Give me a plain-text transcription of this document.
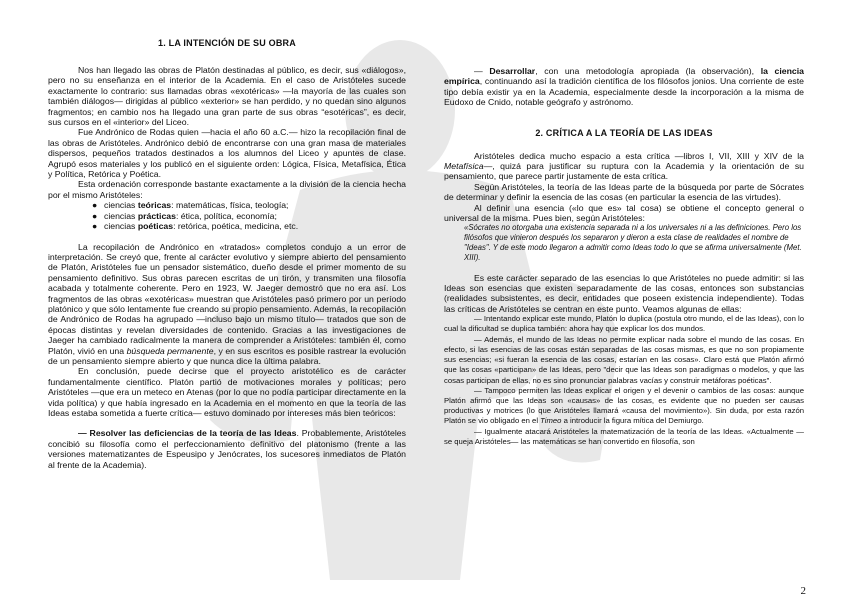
1. LA INTENCIÓN DE SU OBRA

Nos han llegado las obras de Platón destinadas al público, es decir, sus «diálogos», pero no su enseñanza en el interior de la Academia. En el caso de Aristóteles sucede exactamente lo contrario: sus llamadas obras «exotéricas» —la mayoría de las cuales son también diálogos— dirigidas al público «exterior» se han perdido, y no quedan sino algunos fragmentos; en cambio nos ha llegado una gran parte de sus obras “esotéricas”, es decir, sus cursos en el «interior» del Liceo.

Fue Andrónico de Rodas quien —hacia el año 60 a.C.— hizo la recopilación final de las obras de Aristóteles. Andrónico debió de encontrarse con una gran masa de materiales dispersos, pequeños tratados destinados a los alumnos del Liceo y apuntes de clase. Agrupó esos materiales y los publicó en el siguiente orden: Lógica, Física, Metafísica, Ética y Política, Retórica y Poética.

Esta ordenación corresponde bastante exactamente a la división de la ciencia hecha por el mismo Aristóteles:

● ciencias teóricas: matemáticas, física, teología;
● ciencias prácticas: ética, política, economía;
● ciencias poéticas: retórica, poética, medicina, etc.

La recopilación de Andrónico en «tratados» completos condujo a un error de interpretación. Se creyó que, frente al carácter evolutivo y siempre abierto del pensamiento de Platón, Aristóteles fue un pensador sistemático, dueño desde el primer momento de su pensamiento definitivo. Sus obras parecen escritas de un tirón, y transmiten una filosofía acabada y totalmente coherente. Pero en 1923, W. Jaeger demostró que no era así. Los fragmentos de las obras «exotéricas» muestran que Aristóteles pasó primero por un período platónico y que sólo lentamente fue creando su propio pensamiento. Además, la recopilación de Andrónico de Rodas ha agrupado —incluso bajo un mismo título— tratados que son de épocas distintas y revelan diversidades de contenido. Gracias a las investigaciones de Jaeger ha cambiado radicalmente la manera de comprender a Aristóteles: también él, como Platón, vivió en una búsqueda permanente, y en sus escritos es posible rastrear la evolución de un pensamiento siempre abierto y que nunca dice la última palabra.

En conclusión, puede decirse que el proyecto aristotélico es de carácter fundamentalmente científico. Platón partió de motivaciones morales y políticas; pero Aristóteles —que era un meteco en Atenas (por lo que no podía participar directamente en la vida política) y que había ingresado en la Academia en el momento en que la teoría de las Ideas estaba sometida a fuerte crítica— estuvo dominado por intereses más bien teóricos:

— Resolver las deficiencias de la teoría de las Ideas. Probablemente, Aristóteles concibió su filosofía como el perfeccionamiento definitivo del platonismo (frente a las versiones matematizantes de Espeusipo y Jenócrates, los sucesores inmediatos de Platón al frente de la Academia).

— Desarrollar, con una metodología apropiada (la observación), la ciencia empírica, continuando así la tradición científica de los filósofos jonios. Una corriente de este tipo debía existir ya en la Academia, especialmente desde la incorporación a la misma de Eudoxo de Cnido, notable geógrafo y astrónomo.

2. CRÍTICA A LA TEORÍA DE LAS IDEAS

Aristóteles dedica mucho espacio a esta crítica —libros I, VII, XIII y XIV de la Metafísica—, quizá para justificar su ruptura con la Academia y la orientación de su pensamiento, que parece partir justamente de esta crítica.

Según Aristóteles, la teoría de las Ideas parte de la búsqueda por parte de Sócrates de determinar y definir la esencia de las cosas (en particular la esencia de las virtudes).

Al definir una esencia («lo que es» tal cosa) se obtiene el concepto general o universal de la misma. Pues bien, según Aristóteles:

«Sócrates no otorgaba una existencia separada ni a los universales ni a las definiciones. Pero los filósofos que vinieron después los separaron y dieron a esta clase de realidades el nombre de "Ideas". Y de este modo llegaron a admitir como Ideas todo lo que se afirma universalmente (Met. XIII).

Es este carácter separado de las esencias lo que Aristóteles no puede admitir: si las Ideas son esencias que existen separadamente de las cosas, entonces son substancias (realidades subsistentes, es decir, entidades que poseen existencia independiente). Todas las críticas de Aristóteles se centran en este punto. Veamos algunas de ellas:

— Intentando explicar este mundo, Platón lo duplica (postula otro mundo, el de las Ideas), con lo cual la dificultad se duplica también: ahora hay que explicar los dos mundos.

— Además, el mundo de las Ideas no permite explicar nada sobre el mundo de las cosas. En efecto, si las esencias de las cosas están separadas de las cosas mismas, es que no son propiamente sus esencias; «si fueran la esencia de las cosas, estarían en las cosas». Claro está que Platón afirmó que las cosas «participan» de las Ideas, pero "decir que las Ideas son paradigmas o modelos, y que las cosas participan de ellas, no es sino pronunciar palabras vacías y construir metáforas poéticas".

— Tampoco permiten las Ideas explicar el origen y el devenir o cambios de las cosas: aunque Platón afirmó que las Ideas son «causas» de las cosas, es evidente que no pueden ser causas productivas y motrices (lo que Aristóteles llamará «causa del movimiento»). Sin duda, por esta razón Platón se vio obligado en el Timeo a introducir la figura mítica del Demiurgo.

— Igualmente atacará Aristóteles la matematización de la teoría de las Ideas. «Actualmente —se queja Aristóteles— las matemáticas se han convertido en filosofía, son

2
